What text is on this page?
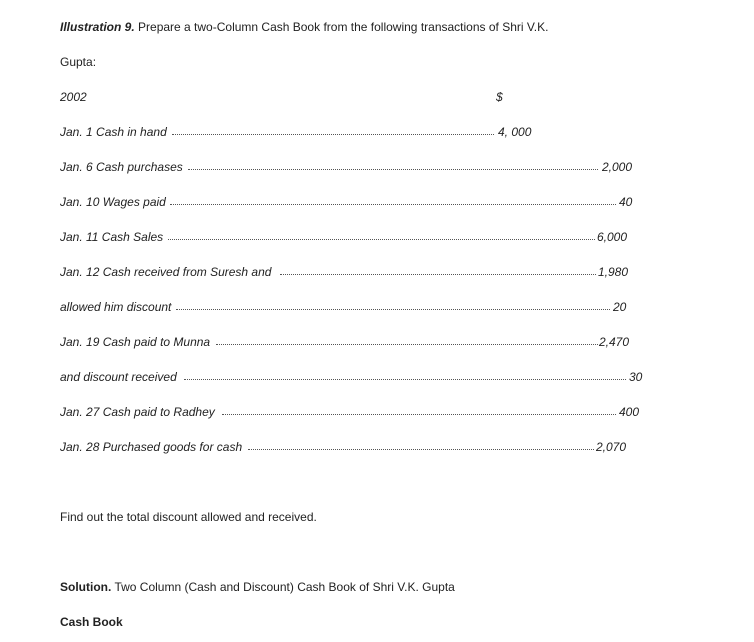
Illustration 9. Prepare a two-Column Cash Book from the following transactions of Shri V.K.
Gupta:
2002	$
Jan. 1 Cash in hand	4, 000
Jan. 6 Cash purchases	2,000
Jan. 10 Wages paid	40
Jan. 11 Cash Sales	6,000
Jan. 12 Cash received from Suresh and	1,980
allowed him discount	20
Jan. 19 Cash paid to Munna	2,470
and discount received	30
Jan. 27 Cash paid to Radhey	400
Jan. 28 Purchased goods for cash	2,070
Find out the total discount allowed and received.
Solution. Two Column (Cash and Discount) Cash Book of Shri V.K. Gupta
Cash Book
